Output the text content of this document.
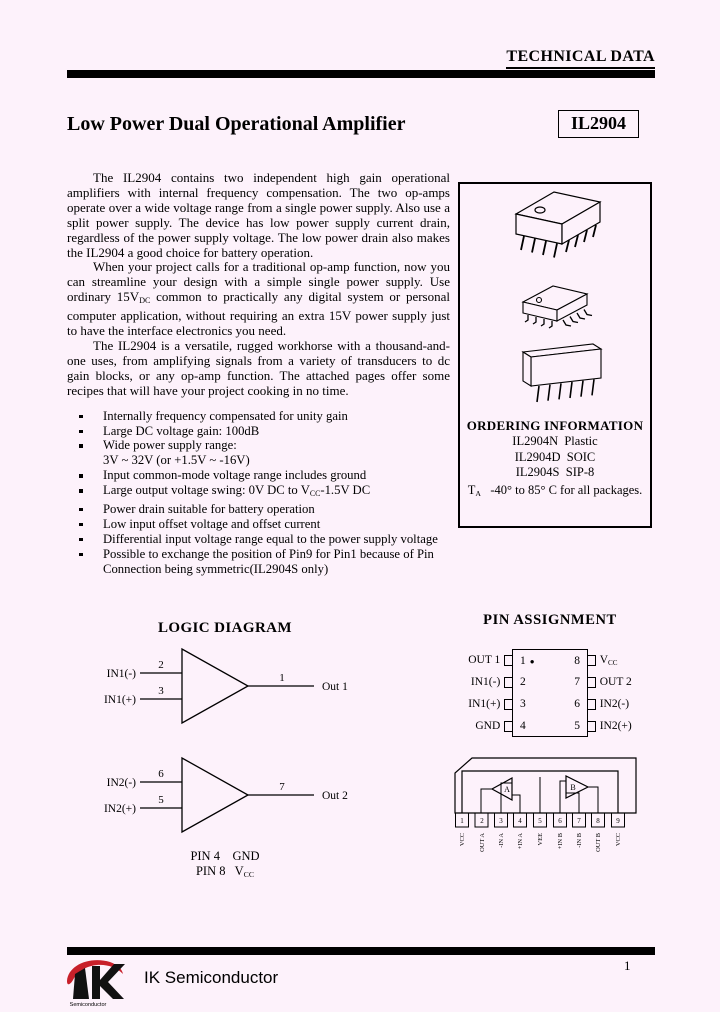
TECHNICAL DATA
Low Power Dual Operational Amplifier	IL2904

The IL2904 contains two independent high gain operational amplifiers with internal frequency compensation. The two op-amps operate over a wide voltage range from a single power supply. Also use a split power supply. The device has low power supply current drain, regardless of the power supply voltage. The low power drain also makes the IL2904 a good choice for battery operation.

When your project calls for a traditional op-amp function, now you can streamline your design with a simple single power supply. Use ordinary $15V_{DC}$ common to practically any digital system or personal computer application, without requiring an extra 15V power supply just to have the interface electronics you need.

The IL2904 is a versatile, rugged workhorse with a thousand-and-one uses, from amplifying signals from a variety of transducers to dc gain blocks, or any op-amp function. The attached pages offer some recipes that will have your project cooking in no time.

Internally frequency compensated for unity gain
Large DC voltage gain: 100dB
Wide power supply range:
3V ~ 32V (or +1.5V ~ -16V)
Input common-mode voltage range includes ground
Large output voltage swing: 0V DC to $V_{CC}-1.5V$ DC
Power drain suitable for battery operation
Low input offset voltage and offset current
Differential input voltage range equal to the power supply voltage
Possible to exchange the position of Pin9 for Pin1 because of Pin Connection being symmetric(IL2904S only)
ORDERING INFORMATION
IL2904N  Plastic
IL2904D  SOIC
IL2904S  SIP-8
$T_A$   -40° to 85° C for all packages.
LOGIC DIAGRAM
IN1(-)
2
IN1(+)
3
1
Out 1

IN2(-)
6
IN2(+)
5
7
Out 2
PIN 4    GND
PIN 8   $V_{CC}$
PIN ASSIGNMENT
OUT 1	1 ●	8	$V_{CC}$
IN1(-)	2	7	OUT 2
IN1(+)	3	6	IN2(-)
GND	4	5	IN2(+)
A	B
1 2 3 4 5 6 7 8 9
VCC OUT A -IN A +IN A VEE +IN B -IN B OUT B VCC
Semiconductor
IK Semiconductor
1
